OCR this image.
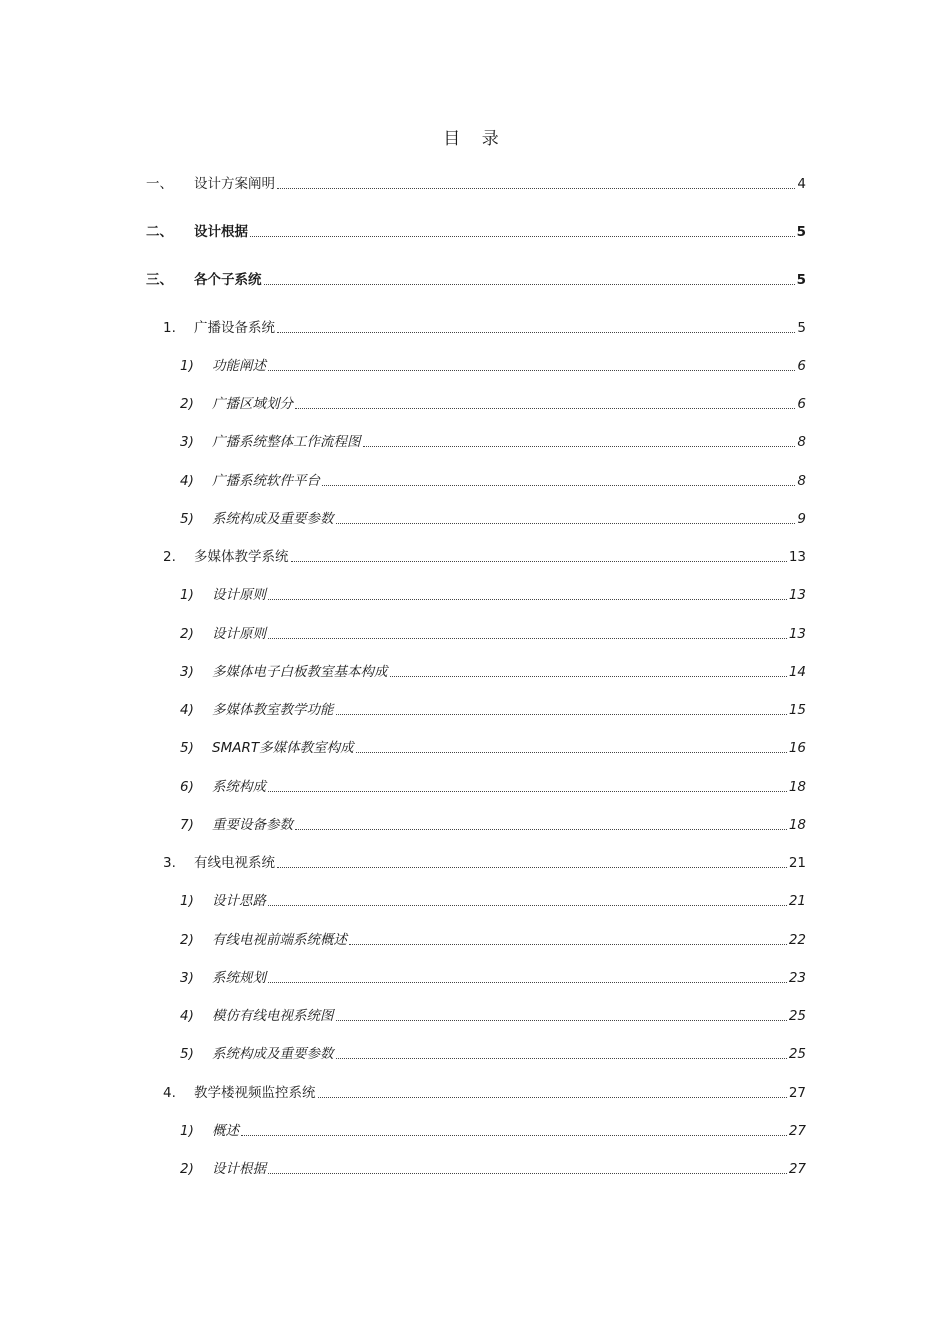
目 录
一、 设计方案阐明	4
二、 设计根据	5
三、 各个子系统	5
1. 广播设备系统	5
1) 功能阐述	6
2) 广播区域划分	6
3) 广播系统整体工作流程图	8
4) 广播系统软件平台	8
5) 系统构成及重要参数	9
2. 多媒体教学系统	13
1) 设计原则	13
2) 设计原则	13
3) 多媒体电子白板教室基本构成	14
4) 多媒体教室教学功能	15
5) SMART多媒体教室构成	16
6) 系统构成	18
7) 重要设备参数	18
3. 有线电视系统	21
1) 设计思路	21
2) 有线电视前端系统概述	22
3) 系统规划	23
4) 模仿有线电视系统图	25
5) 系统构成及重要参数	25
4. 教学楼视频监控系统	27
1) 概述	27
2) 设计根据	27
